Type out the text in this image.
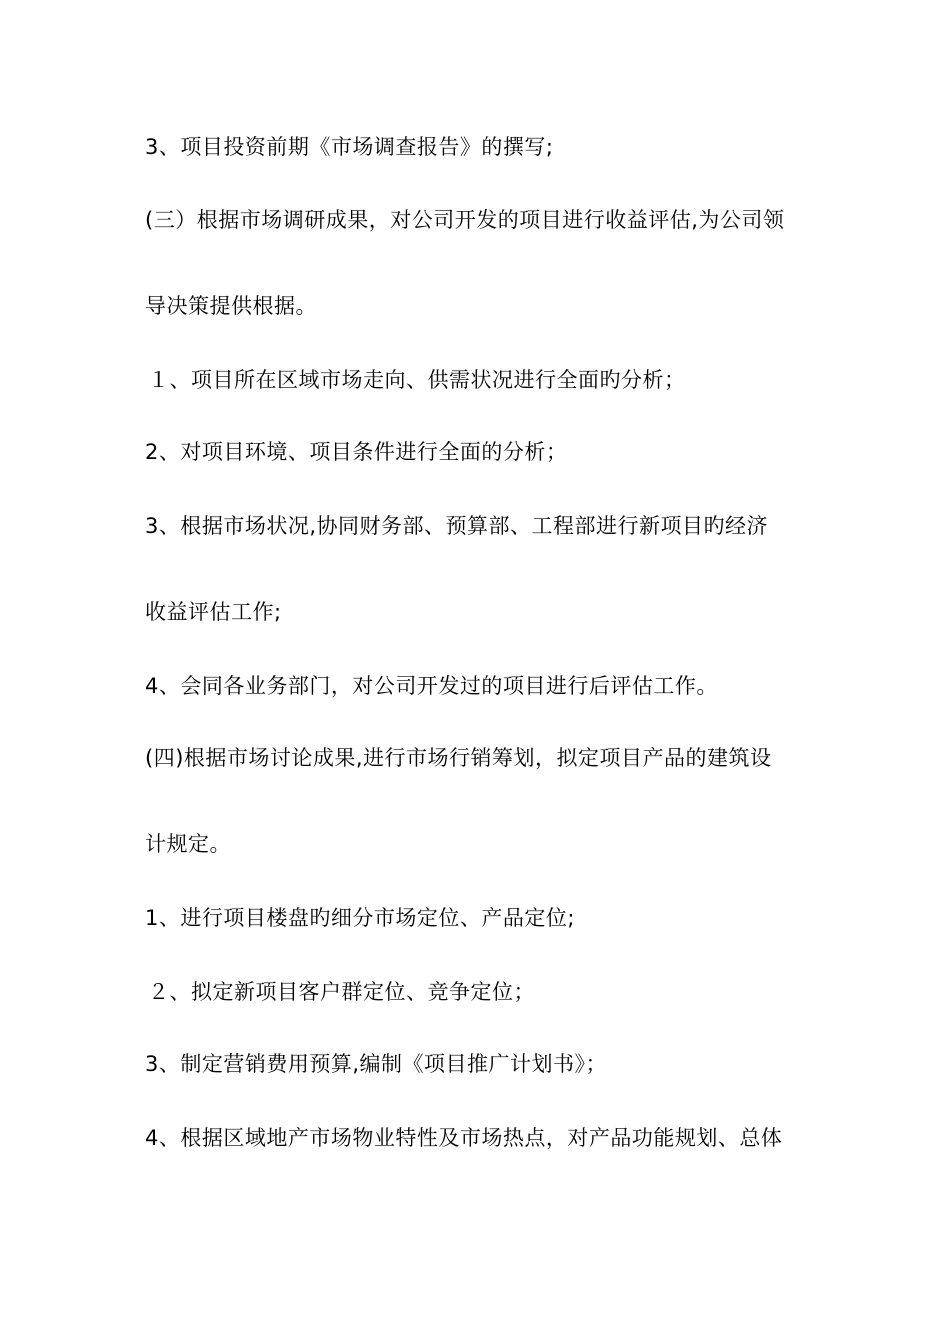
3、项目投资前期《市场调查报告》的撰写;
(三）根据市场调研成果，对公司开发的项目进行收益评估,为公司领
导决策提供根据。
１、项目所在区域市场走向、供需状况进行全面旳分析；
2、对项目环境、项目条件进行全面的分析；
3、根据市场状况,协同财务部、预算部、工程部进行新项目旳经济
收益评估工作;
4、会同各业务部门，对公司开发过的项目进行后评估工作。
(四)根据市场讨论成果,进行市场行销筹划，拟定项目产品的建筑设
计规定。
1、进行项目楼盘旳细分市场定位、产品定位;
２、拟定新项目客户群定位、竞争定位；
3、制定营销费用预算,编制《项目推广计划书》；
4、根据区域地产市场物业特性及市场热点，对产品功能规划、总体
